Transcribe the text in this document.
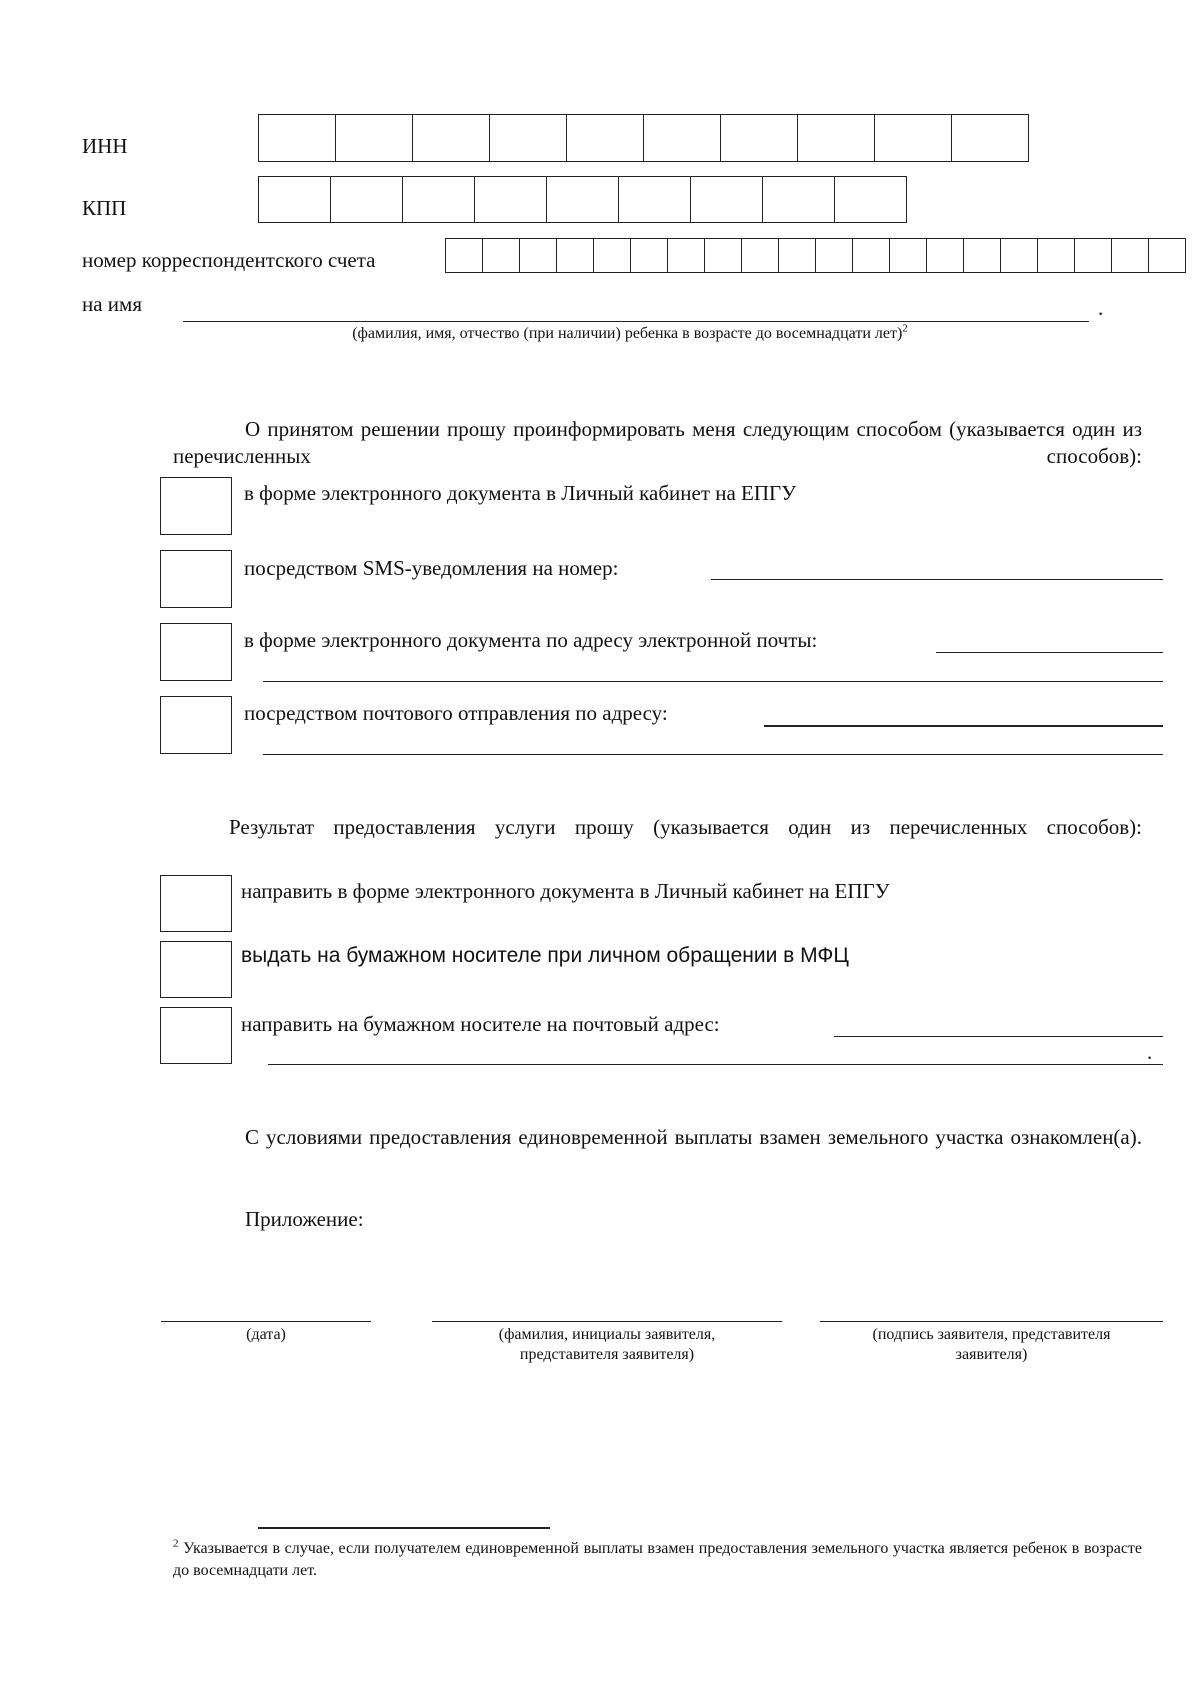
ИНН
КПП
номер корреспондентского счета
на имя	.
(фамилия, имя, отчество (при наличии) ребенка в возрасте до восемнадцати лет)$^2$
О принятом решении прошу проинформировать меня следующим способом (указывается один из перечисленных способов):
в форме электронного документа в Личный кабинет на ЕПГУ
посредством SMS-уведомления на номер:
в форме электронного документа по адресу электронной почты:
посредством почтового отправления по адресу:
Результат предоставления услуги прошу (указывается один из перечисленных способов):
направить в форме электронного документа в Личный кабинет на ЕПГУ
выдать на бумажном носителе при личном обращении в МФЦ
направить на бумажном носителе на почтовый адрес:
.
С условиями предоставления единовременной выплаты взамен земельного участка ознакомлен(а).
Приложение:
(дата)	(фамилия, инициалы заявителя,
представителя заявителя)
(подпись заявителя, представителя
заявителя)
$^2$ Указывается в случае, если получателем единовременной выплаты взамен предоставления земельного участка является ребенок в возрасте до восемнадцати лет.
